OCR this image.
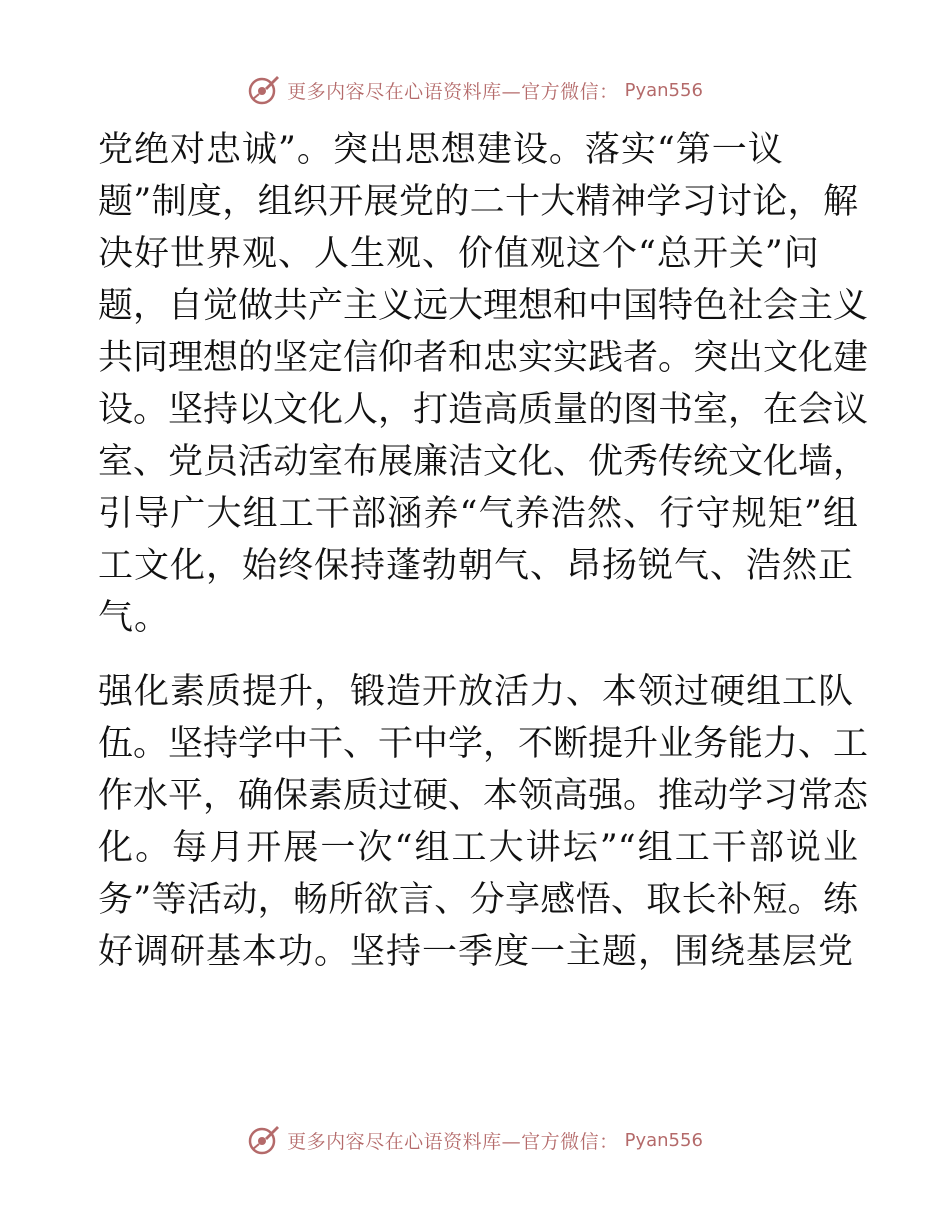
更多内容尽在心语资料库—官方微信： Pyan556
党绝对忠诚”。突出思想建设。落实“第一议
题”制度，组织开展党的二十大精神学习讨论，解
决好世界观、人生观、价值观这个“总开关”问
题，自觉做共产主义远大理想和中国特色社会主义
共同理想的坚定信仰者和忠实实践者。突出文化建
设。坚持以文化人，打造高质量的图书室，在会议
室、党员活动室布展廉洁文化、优秀传统文化墙，
引导广大组工干部涵养“气养浩然、行守规矩”组
工文化，始终保持蓬勃朝气、昂扬锐气、浩然正
气。
强化素质提升，锻造开放活力、本领过硬组工队
伍。坚持学中干、干中学，不断提升业务能力、工
作水平，确保素质过硬、本领高强。推动学习常态
化。每月开展一次“组工大讲坛”“组工干部说业
务”等活动，畅所欲言、分享感悟、取长补短。练
好调研基本功。坚持一季度一主题，围绕基层党
更多内容尽在心语资料库—官方微信： Pyan556
